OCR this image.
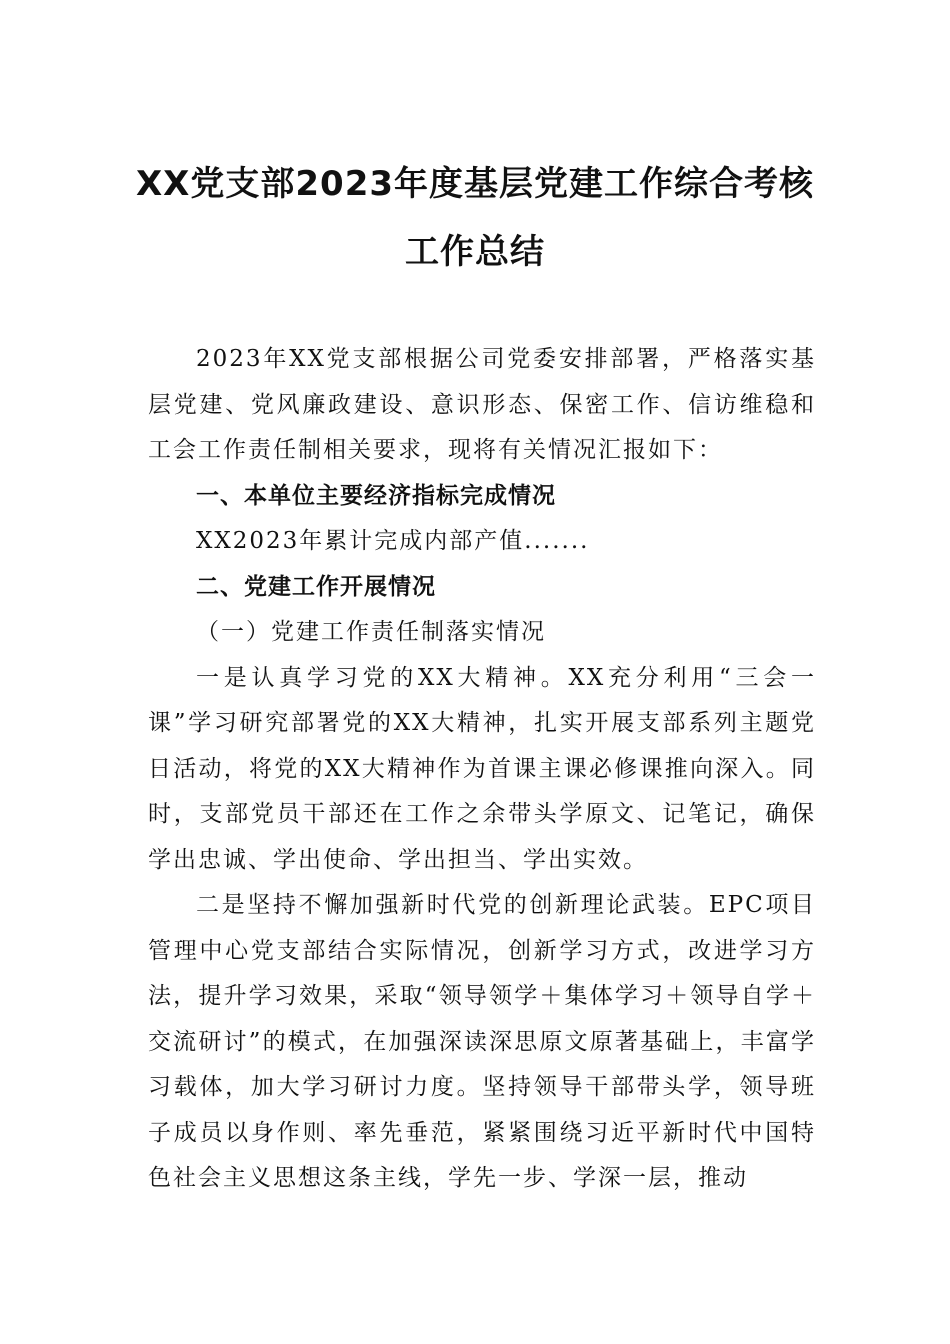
XX党支部2023年度基层党建工作综合考核工作总结

2023年XX党支部根据公司党委安排部署，严格落实基层党建、党风廉政建设、意识形态、保密工作、信访维稳和工会工作责任制相关要求，现将有关情况汇报如下：

一、本单位主要经济指标完成情况

XX2023年累计完成内部产值.......

二、党建工作开展情况

（一）党建工作责任制落实情况

一是认真学习党的XX大精神。XX充分利用“三会一课”学习研究部署党的XX大精神，扎实开展支部系列主题党日活动，将党的XX大精神作为首课主课必修课推向深入。同时，支部党员干部还在工作之余带头学原文、记笔记，确保学出忠诚、学出使命、学出担当、学出实效。

二是坚持不懈加强新时代党的创新理论武装。EPC项目管理中心党支部结合实际情况，创新学习方式，改进学习方法，提升学习效果，采取“领导领学＋集体学习＋领导自学＋交流研讨”的模式，在加强深读深思原文原著基础上，丰富学习载体，加大学习研讨力度。坚持领导干部带头学，领导班子成员以身作则、率先垂范，紧紧围绕习近平新时代中国特色社会主义思想这条主线，学先一步、学深一层，推动
